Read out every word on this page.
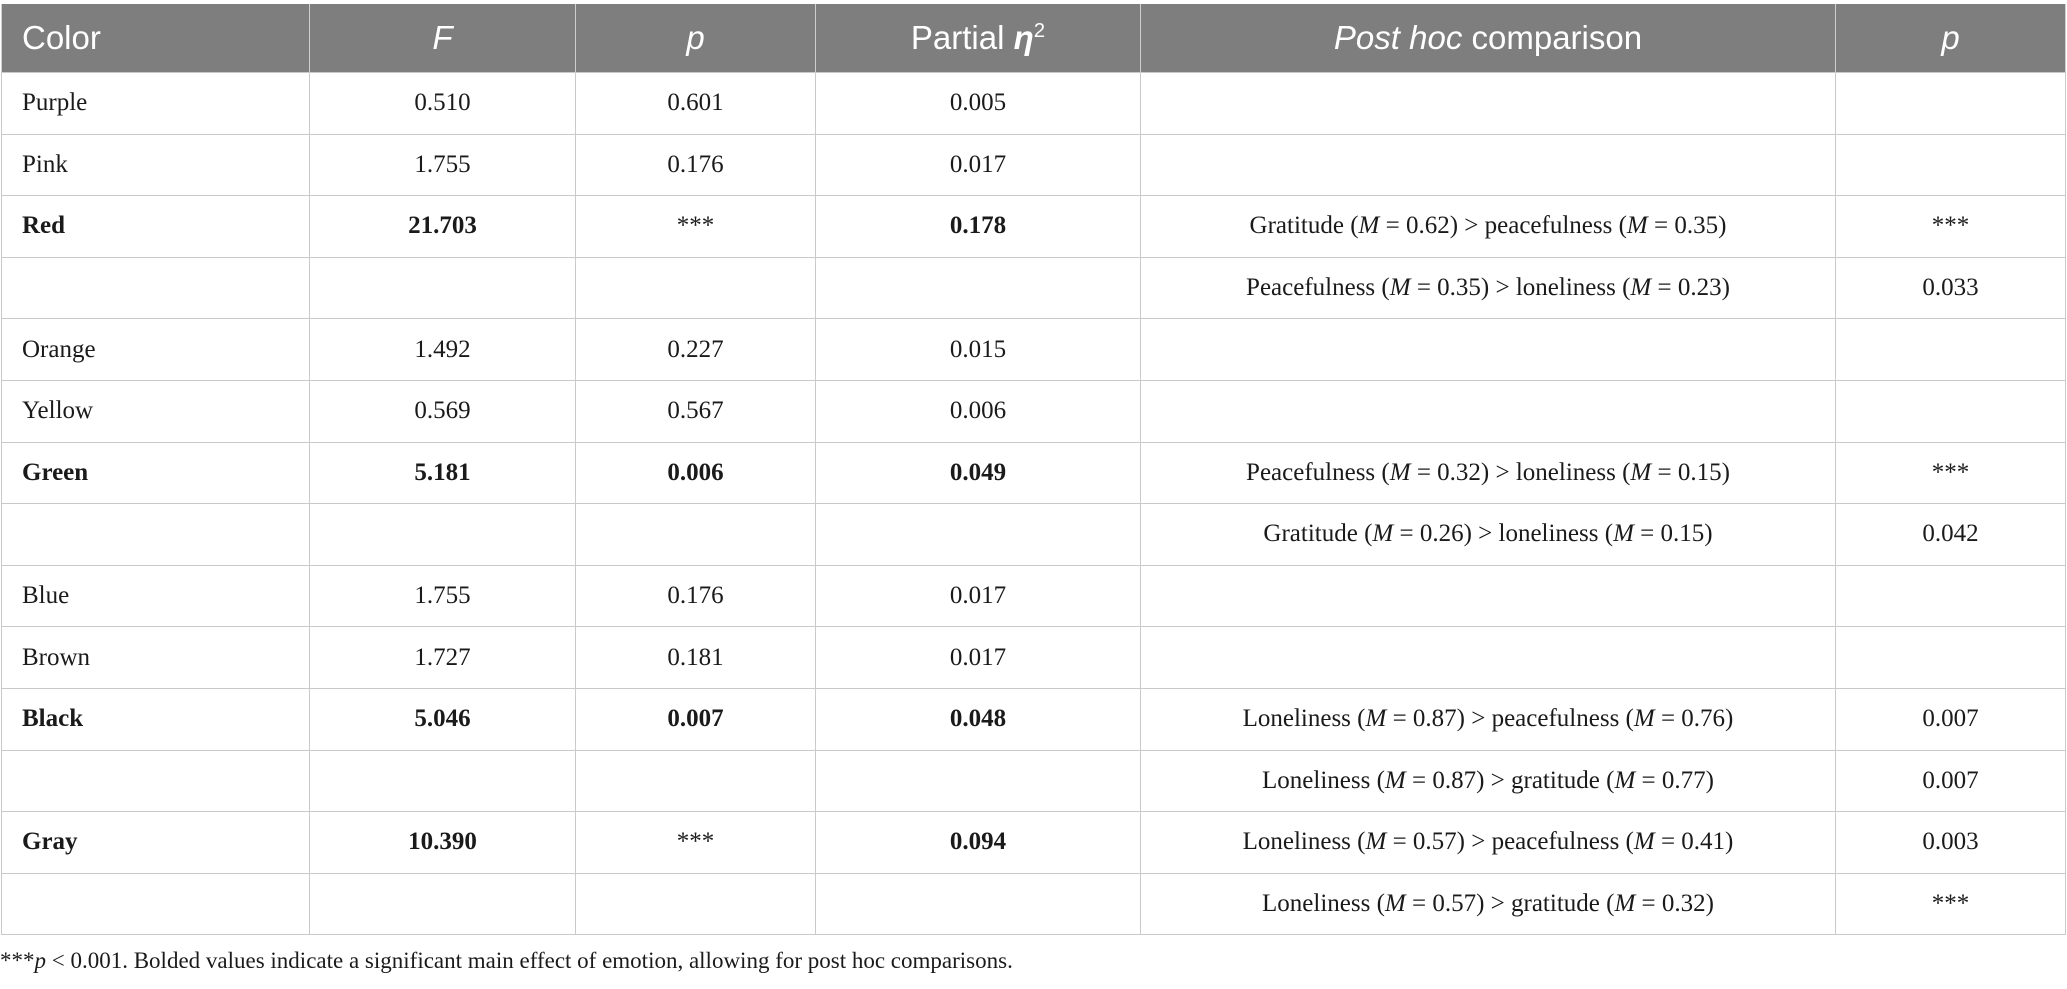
Color	F	p	Partial $\eta^2$	Post hoc comparison	p
Purple	0.510	0.601	0.005		
Pink	1.755	0.176	0.017		
Red	21.703	***	0.178	Gratitude (M = 0.62) > peacefulness (M = 0.35)	***
				Peacefulness (M = 0.35) > loneliness (M = 0.23)	0.033
Orange	1.492	0.227	0.015		
Yellow	0.569	0.567	0.006		
Green	5.181	0.006	0.049	Peacefulness (M = 0.32) > loneliness (M = 0.15)	***
				Gratitude (M = 0.26) > loneliness (M = 0.15)	0.042
Blue	1.755	0.176	0.017		
Brown	1.727	0.181	0.017		
Black	5.046	0.007	0.048	Loneliness (M = 0.87) > peacefulness (M = 0.76)	0.007
				Loneliness (M = 0.87) > gratitude (M = 0.77)	0.007
Gray	10.390	***	0.094	Loneliness (M = 0.57) > peacefulness (M = 0.41)	0.003
				Loneliness (M = 0.57) > gratitude (M = 0.32)	***
***p < 0.001. Bolded values indicate a significant main effect of emotion, allowing for post hoc comparisons.
